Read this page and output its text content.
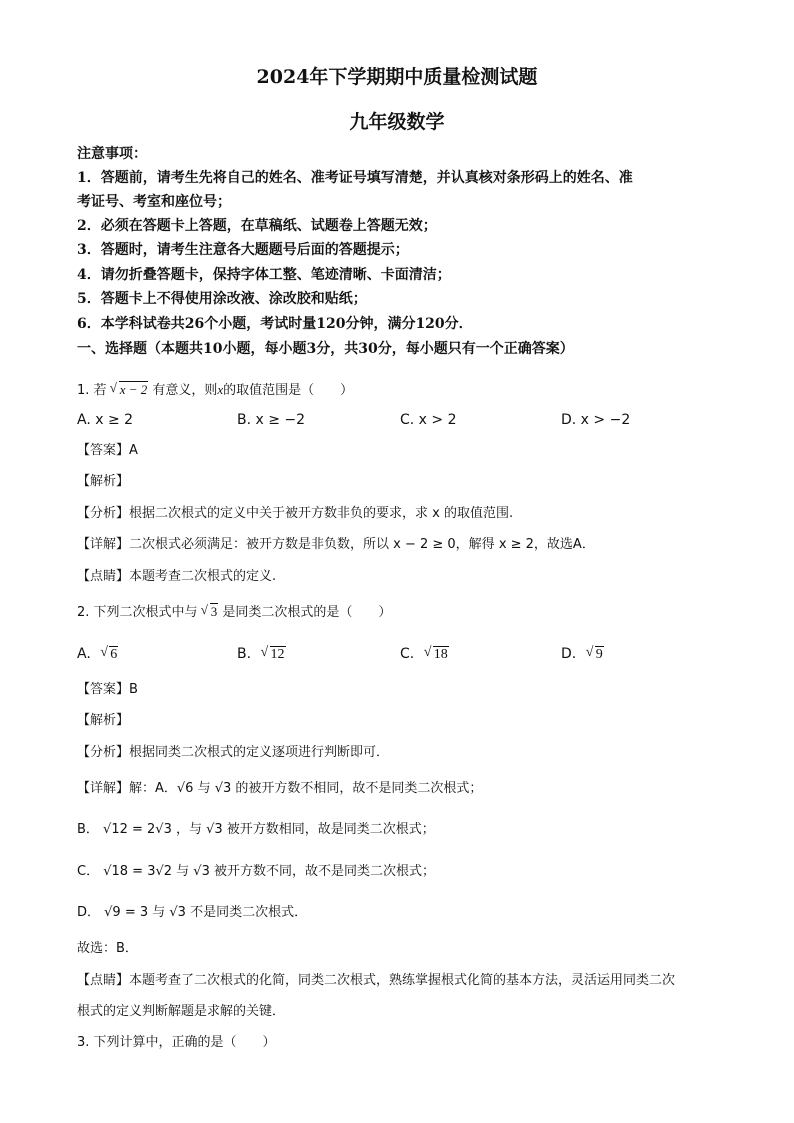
2024年下学期期中质量检测试题
九年级数学
注意事项：
1．答题前，请考生先将自己的姓名、准考证号填写清楚，并认真核对条形码上的姓名、准
考证号、考室和座位号；
2．必须在答题卡上答题，在草稿纸、试题卷上答题无效；
3．答题时，请考生注意各大题题号后面的答题提示；
4．请勿折叠答题卡，保持字体工整、笔迹清晰、卡面清洁；
5．答题卡上不得使用涂改液、涂改胶和贴纸；
6．本学科试卷共26个小题，考试时量120分钟，满分120分．
一、选择题（本题共10小题，每小题3分，共30分，每小题只有一个正确答案）
1. 若 √ x − 2 有意义，则x的取值范围是（　　）
A. x ≥ 2	B. x ≥ −2	C. x > 2	D. x > −2
【答案】A
【解析】
【分析】根据二次根式的定义中关于被开方数非负的要求，求 x 的取值范围.
【详解】二次根式必须满足：被开方数是非负数，所以 x − 2 ≥ 0，解得 x ≥ 2，故选A．
【点睛】本题考查二次根式的定义.
2. 下列二次根式中与 √ 3 是同类二次根式的是（　　）
A. √ 6	B. √ 12	C. √ 18	D. √ 9
【答案】B
【解析】
【分析】根据同类二次根式的定义逐项进行判断即可．
【详解】解：A．√6 与 √3 的被开方数不相同，故不是同类二次根式；
B． √12 = 2√3 ，与 √3 被开方数相同，故是同类二次根式；
C． √18 = 3√2 与 √3 被开方数不同，故不是同类二次根式；
D． √9 = 3 与 √3 不是同类二次根式．
故选：B．
【点睛】本题考查了二次根式的化简，同类二次根式，熟练掌握根式化简的基本方法，灵活运用同类二次
根式的定义判断解题是求解的关键．
3. 下列计算中，正确的是（　　）
